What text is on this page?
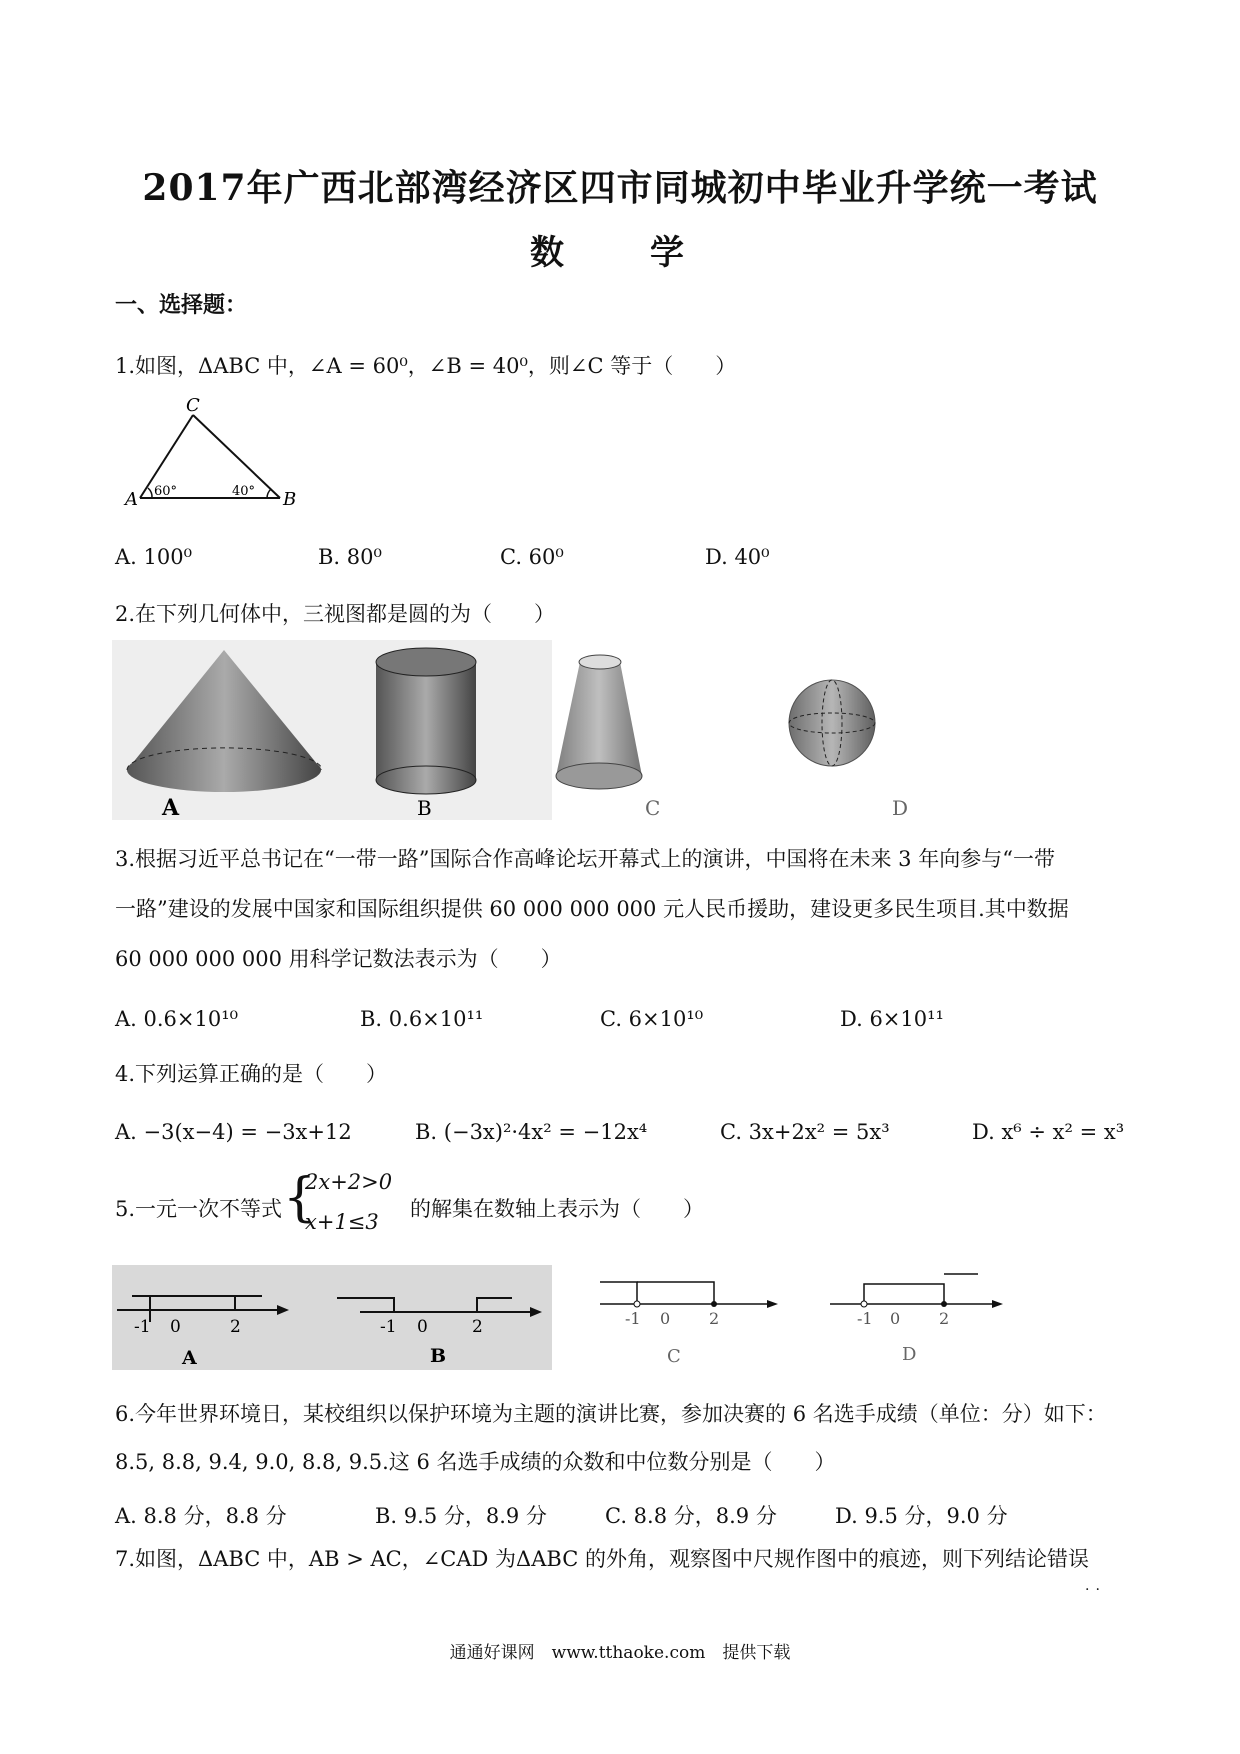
2017年广西北部湾经济区四市同城初中毕业升学统一考试
数　学
一、选择题：
1.如图，ΔABC 中，∠A = 60⁰，∠B = 40⁰，则∠C 等于（　　）
A	B
C
60°	40°
A. 100⁰	B. 80⁰	C. 60⁰	D. 40⁰
2.在下列几何体中，三视图都是圆的为（　　）
A	B	C	D
3.根据习近平总书记在“一带一路”国际合作高峰论坛开幕式上的演讲，中国将在未来 3 年向参与“一带
一路”建设的发展中国家和国际组织提供 60 000 000 000 元人民币援助，建设更多民生项目.其中数据
60 000 000 000 用科学记数法表示为（　　）
A. 0.6×10¹⁰	B. 0.6×10¹¹	C. 6×10¹⁰	D. 6×10¹¹
4.下列运算正确的是（　　）
A. −3(x−4) = −3x+12	B. (−3x)²·4x² = −12x⁴	C. 3x+2x² = 5x³	D. x⁶ ÷ x² = x³
5.一元一次不等式 {
2x+2>0
x+1≤3
的解集在数轴上表示为（　　）
-1 0	2
A
-1 0	2
B
-1 0 2
C
-1 0 2
D
6.今年世界环境日，某校组织以保护环境为主题的演讲比赛，参加决赛的 6 名选手成绩（单位：分）如下：
8.5, 8.8, 9.4, 9.0, 8.8, 9.5.这 6 名选手成绩的众数和中位数分别是（　　）
A. 8.8 分，8.8 分	B. 9.5 分，8.9 分	C. 8.8 分，8.9 分	D. 9.5 分，9.0 分
7.如图，ΔABC 中，AB > AC，∠CAD 为ΔABC 的外角，观察图中尺规作图中的痕迹，则下列结论错误
..
通通好课网　www.tthaoke.com　提供下载
